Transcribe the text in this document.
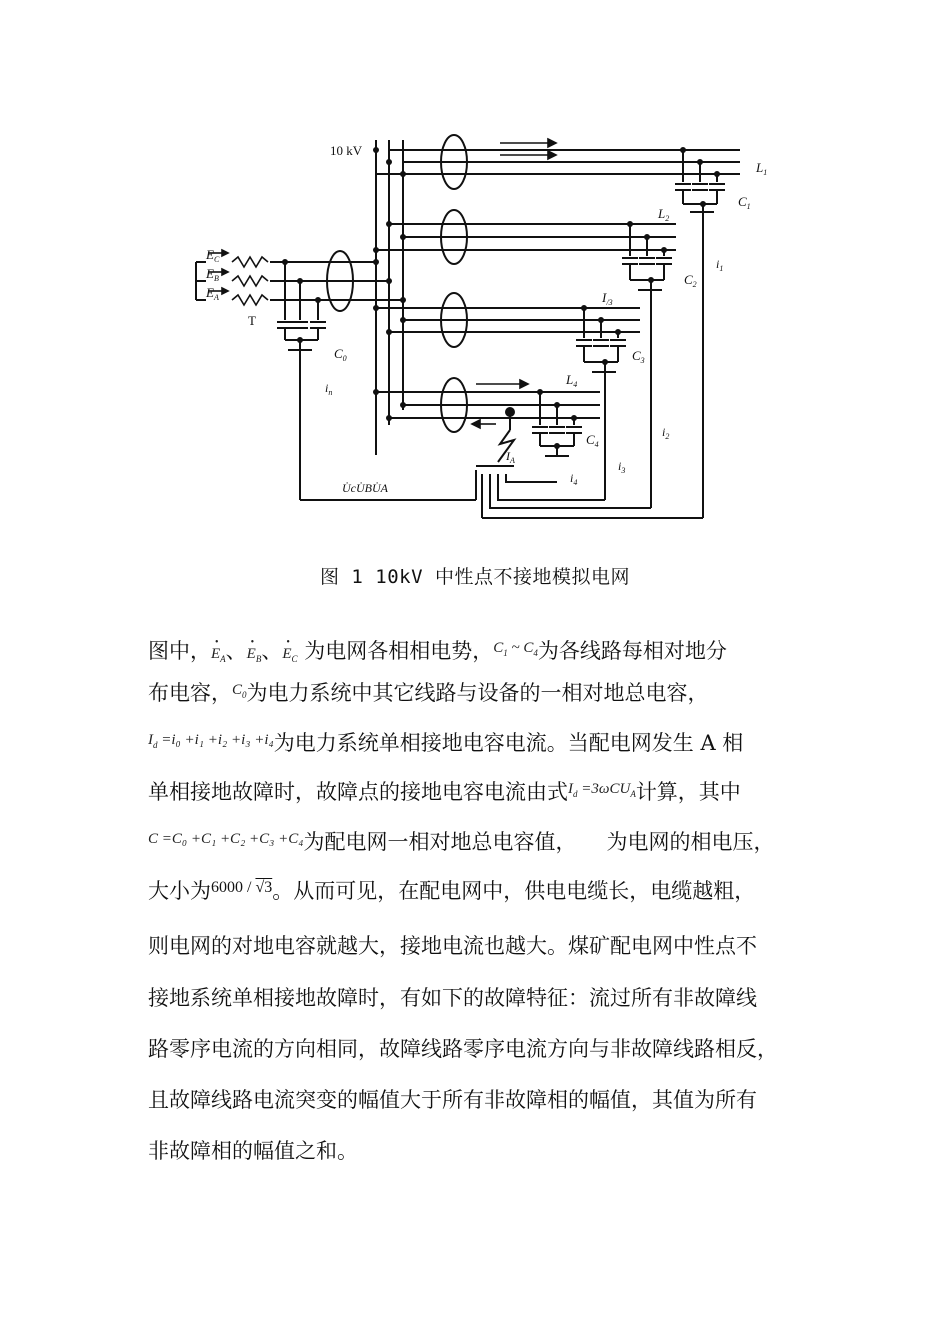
10 kV
$E_C$
$E_B$
$E_A$
T
$C_0$
$i_n$
$L_1$
$C_1$
$L_2$
$C_2$
$i_1$
$I_{/3}$
$C_3$
$L_4$
$C_4$
$i_2$
$i_3$
$i_4$
$I_A$
U̇cU̇BU̇A
图 1 10kV 中性点不接地模拟电网
图中，• $E_A$、• $E_B$、• $E_C$ 为电网各相相电势，$^{C_1 \sim C_4}$为各线路每相对地分
布电容，$^{C_0}$为电力系统中其它线路与设备的一相对地总电容，
$^{I_d =i_0 +i_1 +i_2 +i_3 +i_4}$为电力系统单相接地电容电流。当配电网发生 A 相
单相接地故障时，故障点的接地电容电流由式$^{I_d =3\omega CU_A}$计算，其中
$^{C =C_0 +C_1 +C_2 +C_3 +C_4}$为配电网一相对地总电容值， 为电网的相电压，
大小为$^{6000 /}$ $^{√3}$。从而可见，在配电网中，供电电缆长，电缆越粗，
则电网的对地电容就越大，接地电流也越大。煤矿配电网中性点不
接地系统单相接地故障时，有如下的故障特征：流过所有非故障线
路零序电流的方向相同，故障线路零序电流方向与非故障线路相反，
且故障线路电流突变的幅值大于所有非故障相的幅值，其值为所有
非故障相的幅值之和。
